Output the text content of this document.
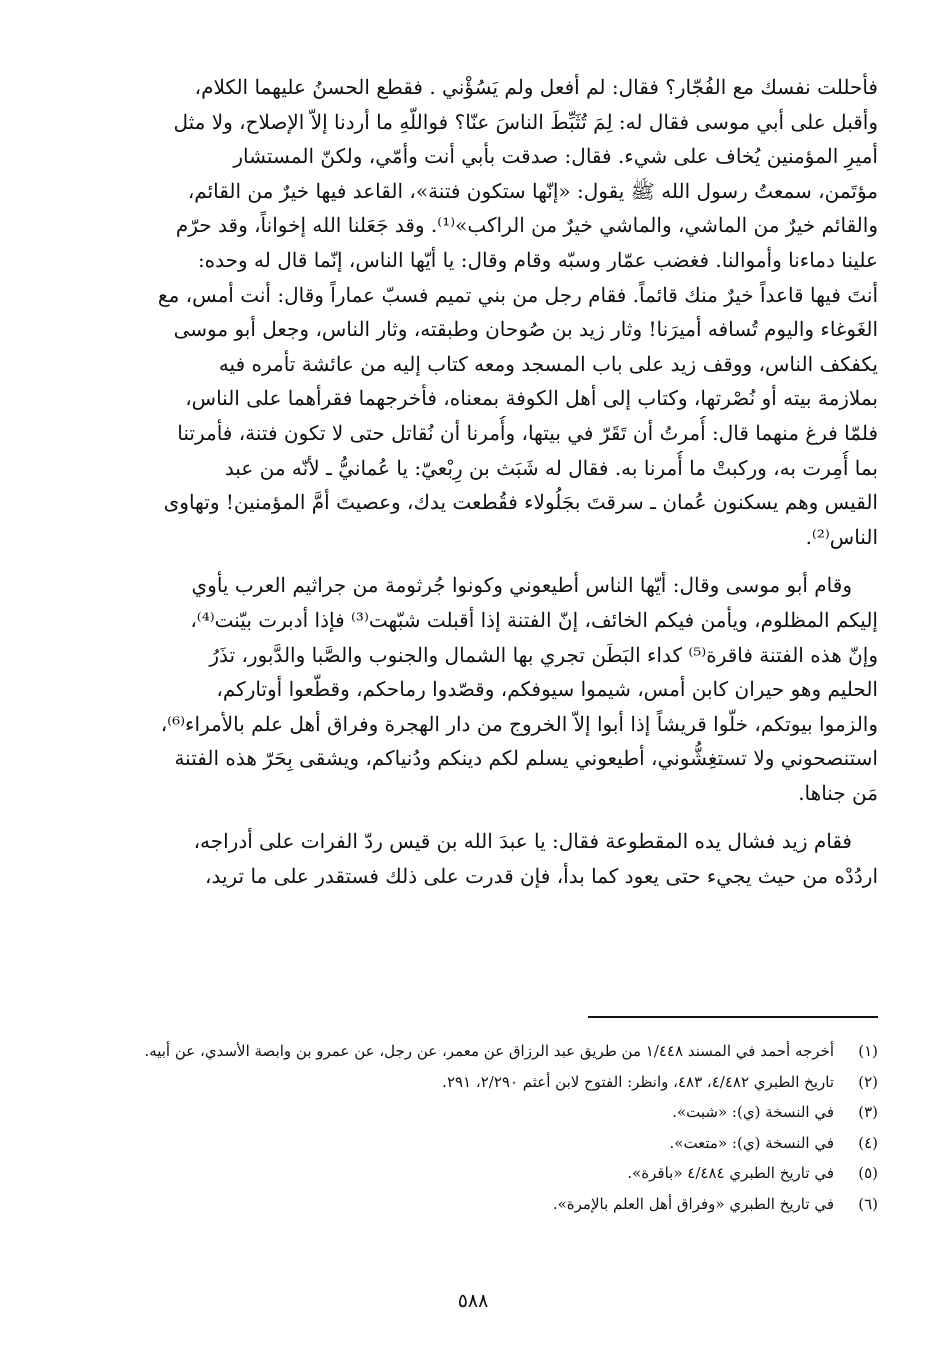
فأحللت نفسك مع الفُجّار؟ فقال: لم أفعل ولم يَسُؤْني . فقطع الحسنُ عليهما الكلام،
وأقبل على أبي موسى فقال له: لِمَ تُثَبِّطَ الناسَ عنّا؟ فواللّهِ ما أردنا إلاّ الإصلاح، ولا مثل
أميرِ المؤمنين يُخاف على شيء. فقال: صدقت بأبي أنت وأمّي، ولكنّ المستشار
مؤتَمن، سمعتُ رسول الله ﷺ يقول: «إنّها ستكون فتنة»، القاعد فيها خيرٌ من القائم،
والقائم خيرٌ من الماشي، والماشي خيرٌ من الراكب»⁽¹⁾. وقد جَعَلنا الله إخواناً، وقد حرّم
علينا دماءنا وأموالنا. فغضب عمّار وسبّه وقام وقال: يا أيّها الناس، إنّما قال له وحده:
أنتَ فيها قاعداً خيرٌ منك قائماً. فقام رجل من بني تميم فسبّ عماراً وقال: أنت أمس، مع
الغَوغاء واليوم تُسافه أميرَنا! وثار زيد بن صُوحان وطبقته، وثار الناس، وجعل أبو موسى
يكفكف الناس، ووقف زيد على باب المسجد ومعه كتاب إليه من عائشة تأمره فيه
بملازمة بيته أو نُصْرتها، وكتاب إلى أهل الكوفة بمعناه، فأخرجهما فقرأهما على الناس،
فلمّا فرغ منهما قال: أُمرتُ أن تَقَرّ في بيتها، وأُمرنا أن نُقاتل حتى لا تكون فتنة، فأمرتنا
بما أُمِرت به، وركبتْ ما أُمرنا به. فقال له شَبَث بن رِبْعيّ: يا عُمانيُّ ـ لأنّه من عبد
القيس وهم يسكنون عُمان ـ سرقتَ بجَلُولاء فقُطعت يدك، وعصيتَ أمَّ المؤمنين! وتهاوى
الناس⁽²⁾.

وقام أبو موسى وقال: أيّها الناس أطيعوني وكونوا جُرثومة من جراثيم العرب يأوي
إليكم المظلوم، ويأمن فيكم الخائف، إنّ الفتنة إذا أقبلت شبّهت⁽³⁾ فإذا أدبرت بيّنت⁽⁴⁾،
وإنّ هذه الفتنة فاقرة⁽⁵⁾ كداء البَطَن تجري بها الشمال والجنوب والصَّبا والدَّبور، تذَرُ
الحليم وهو حيران كابن أمس، شيموا سيوفكم، وقصّدوا رماحكم، وقطّعوا أوتاركم،
والزموا بيوتكم، خلّوا قريشاً إذا أبوا إلاّ الخروج من دار الهجرة وفراق أهل علم بالأمراء⁽⁶⁾،
استنصحوني ولا تستغِشُّوني، أطيعوني يسلم لكم دينكم ودُنياكم، ويشقى بِحَرّ هذه الفتنة
مَن جناها.

فقام زيد فشال يده المقطوعة فقال: يا عبدَ الله بن قيس ردّ الفرات على أدراجه،
اردُدْه من حيث يجيء حتى يعود كما بدأ، فإن قدرت على ذلك فستقدر على ما تريد،

(١)
أخرجه أحمد في المسند ١/٤٤٨ من طريق عبد الرزاق عن معمر، عن رجل، عن عمرو بن وابصة الأسدي، عن أبيه.
(٢)
تاريخ الطبري ٤/٤٨٢، ٤٨٣، وانظر: الفتوح لابن أعثم ٢/٢٩٠، ٢٩١.
(٣)
في النسخة (ي): «شبت».
(٤)
في النسخة (ي): «متعت».
(٥)
في تاريخ الطبري ٤/٤٨٤ «باقرة».
(٦)
في تاريخ الطبري «وفراق أهل العلم بالإمرة».
٥٨٨
